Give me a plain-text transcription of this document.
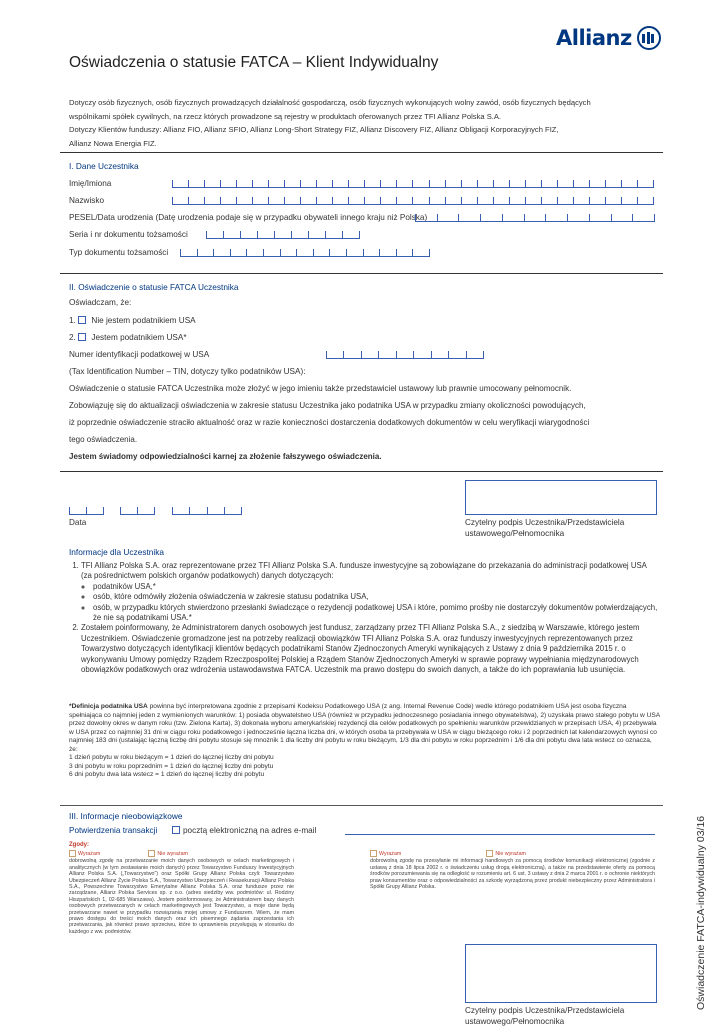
Allianz
Oświadczenia o statusie FATCA – Klient Indywidualny
Dotyczy osób fizycznych, osób fizycznych prowadzących działalność gospodarczą, osób fizycznych wykonujących wolny zawód, osób fizycznych będących
wspólnikami spółek cywilnych, na rzecz których prowadzone są rejestry w produktach oferowanych przez TFI Allianz Polska S.A.
Dotyczy Klientów funduszy: Allianz FIO, Allianz SFIO, Allianz Long-Short Strategy FIZ, Allianz Discovery FIZ, Allianz Obligacji Korporacyjnych FIZ,
Allianz Nowa Energia FIZ.
I. Dane Uczestnika
Imię/Imiona
Nazwisko
PESEL/Data urodzenia (Datę urodzenia podaje się w przypadku obywateli innego kraju niż Polska)
Seria i nr dokumentu tożsamości
Typ dokumentu tożsamości
II. Oświadczenie o statusie FATCA Uczestnika
Oświadczam, że:
1. Nie jestem podatnikiem USA
2. Jestem podatnikiem USA*
Numer identyfikacji podatkowej w USA
(Tax Identification Number – TIN, dotyczy tylko podatników USA):
Oświadczenie o statusie FATCA Uczestnika może złożyć w jego imieniu także przedstawiciel ustawowy lub prawnie umocowany pełnomocnik.
Zobowiązuję się do aktualizacji oświadczenia w zakresie statusu Uczestnika jako podatnika USA w przypadku zmiany okoliczności powodujących,
iż poprzednie oświadczenie straciło aktualność oraz w razie konieczności dostarczenia dodatkowych dokumentów w celu weryfikacji wiarygodności
tego oświadczenia.
Jestem świadomy odpowiedzialności karnej za złożenie fałszywego oświadczenia.
Data	Czytelny podpis Uczestnika/Przedstawiciela
ustawowego/Pełnomocnika
Informacje dla Uczestnika
1. TFI Allianz Polska S.A. oraz reprezentowane przez TFI Allianz Polska S.A. fundusze inwestycyjne są zobowiązane do przekazania do administracji podatkowej USA (za pośrednictwem polskich organów podatkowych) danych dotyczących:
◦ podatników USA,*
◦ osób, które odmówiły złożenia oświadczenia w zakresie statusu podatnika USA,
◦ osób, w przypadku których stwierdzono przesłanki świadczące o rezydencji podatkowej USA i które, pomimo prośby nie dostarczyły dokumentów potwierdzających, że nie są podatnikami USA.*
2. Zostałem poinformowany, że Administratorem danych osobowych jest fundusz, zarządzany przez TFI Allianz Polska S.A., z siedzibą w Warszawie, którego jestem Uczestnikiem. Oświadczenie gromadzone jest na potrzeby realizacji obowiązków TFI Allianz Polska S.A. oraz funduszy inwestycyjnych reprezentowanych przez Towarzystwo dotyczących identyfikacji klientów będących podatnikami Stanów Zjednoczonych Ameryki wynikających z Ustawy z dnia 9 października 2015 r. o wykonywaniu Umowy pomiędzy Rządem Rzeczpospolitej Polskiej a Rządem Stanów Zjednoczonych Ameryki w sprawie poprawy wypełniania międzynarodowych obowiązków podatkowych oraz wdrożenia ustawodawstwa FATCA. Uczestnik ma prawo dostępu do swoich danych, a także do ich poprawiania lub usunięcia.
*Definicja podatnika USA powinna być interpretowana zgodnie z przepisami Kodeksu Podatkowego USA (z ang. Internal Revenue Code) wedle którego podatnikiem USA jest osoba fizyczna spełniająca co najmniej jeden z wymienionych warunków: 1) posiada obywatelstwo USA (również w przypadku jednoczesnego posiadania innego obywatelstwa), 2) uzyskała prawo stałego pobytu w USA przez dowolny okres w danym roku (tzw. Zielona Karta), 3) dokonała wyboru amerykańskiej rezydencji dla celów podatkowych po spełnieniu warunków przewidzianych w przepisach USA, 4) przebywała w USA przez co najmniej 31 dni w ciągu roku podatkowego i jednocześnie łączna liczba dni, w których osoba ta przebywała w USA w ciągu bieżącego roku i 2 poprzednich lat kalendarzowych wynosi co najmniej 183 dni (ustalając łączną liczbę dni pobytu stosuje się mnożnik 1 dla liczby dni pobytu w roku bieżącym, 1/3 dla dni pobytu w roku poprzednim i 1/6 dla dni pobytu dwa lata wstecz co oznacza, że:
1 dzień pobytu w roku bieżącym = 1 dzień do łącznej liczby dni pobytu
3 dni pobytu w roku poprzednim = 1 dzień do łącznej liczby dni pobytu
6 dni pobytu dwa lata wstecz = 1 dzień do łącznej liczby dni pobytu
III. Informacje nieobowiązkowe
Potwierdzenia transakcji	pocztą elektroniczną na adres e-mail
Zgody:
Wyrażam	Nie wyrażam
dobrowolną zgodę na przetwarzanie moich danych osobowych w celach marketingowych i analitycznych (w tym zestawianie moich danych) przez Towarzystwo Funduszy Inwestycyjnych Allianz Polska S.A. („Towarzystwo”) oraz Spółki Grupy Allianz Polska czyli: Towarzystwo Ubezpieczeń Allianz Życie Polska S.A., Towarzystwo Ubezpieczeń i Reasekuracji Allianz Polska S.A., Powszechne Towarzystwo Emerytalne Allianz Polska S.A. oraz fundusze przez nie zarządzane, Allianz Polska Services sp. z o.o. (adres siedziby ww. podmiotów: ul. Rodziny Hiszpańskich 1, 02-685 Warszawa). Jestem poinformowany, że Administratorem bazy danych osobowych przetwarzanych w celach marketingowych jest Towarzystwo, a moje dane będą przetwarzane nawet w przypadku rozwiązania mojej umowy z Funduszem. Wiem, że mam prawo dostępu do treści moich danych oraz ich pisemnego żądania zaprzestania ich przetwarzania, jak również prawo sprzeciwu, które to uprawnienia przysługują w stosunku do każdego z ww. podmiotów.
Wyrażam	Nie wyrażam
dobrowolną zgodę na przesyłanie mi informacji handlowych za pomocą środków komunikacji elektronicznej (zgodnie z ustawą z dnia 18 lipca 2002 r. o świadczeniu usług drogą elektroniczną), a także na przedstawienie oferty za pomocą środków porozumiewania się na odległość w rozumieniu art. 6 ust. 3 ustawy z dnia 2 marca 2001 r. o ochronie niektórych praw konsumentów oraz o odpowiedzialności za szkodę wyrządzoną przez produkt niebezpieczny przez Administratora i Spółki Grupy Allianz Polska.
Czytelny podpis Uczestnika/Przedstawiciela
ustawowego/Pełnomocnika
Oświadczenie FATCA-indywidualny 03/16
